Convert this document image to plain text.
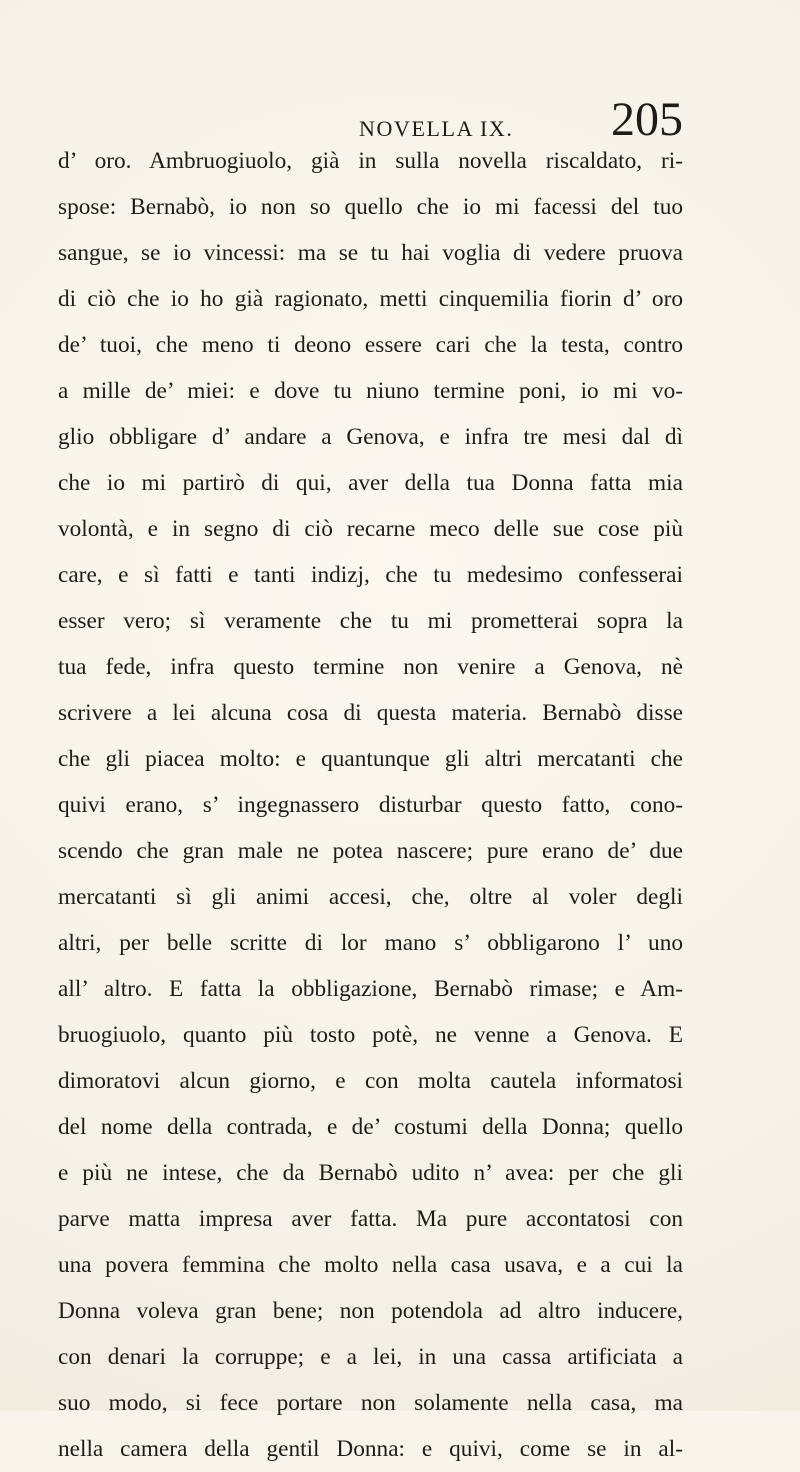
NOVELLA IX. 205
d’ oro. Ambruogiuolo, già in sulla novella riscaldato, ri-
spose: Bernabò, io non so quello che io mi facessi del tuo
sangue, se io vincessi: ma se tu hai voglia di vedere pruova
di ciò che io ho già ragionato, metti cinquemilia fiorin d’ oro
de’ tuoi, che meno ti deono essere cari che la testa, contro
a mille de’ miei: e dove tu niuno termine poni, io mi vo-
glio obbligare d’ andare a Genova, e infra tre mesi dal dì
che io mi partirò di qui, aver della tua Donna fatta mia
volontà, e in segno di ciò recarne meco delle sue cose più
care, e sì fatti e tanti indizj, che tu medesimo confesserai
esser vero; sì veramente che tu mi prometterai sopra la
tua fede, infra questo termine non venire a Genova, nè
scrivere a lei alcuna cosa di questa materia. Bernabò disse
che gli piacea molto: e quantunque gli altri mercatanti che
quivi erano, s’ ingegnassero disturbar questo fatto, cono-
scendo che gran male ne potea nascere; pure erano de’ due
mercatanti sì gli animi accesi, che, oltre al voler degli
altri, per belle scritte di lor mano s’ obbligarono l’ uno
all’ altro. E fatta la obbligazione, Bernabò rimase; e Am-
bruogiuolo, quanto più tosto potè, ne venne a Genova. E
dimoratovi alcun giorno, e con molta cautela informatosi
del nome della contrada, e de’ costumi della Donna; quello
e più ne intese, che da Bernabò udito n’ avea: per che gli
parve matta impresa aver fatta. Ma pure accontatosi con
una povera femmina che molto nella casa usava, e a cui la
Donna voleva gran bene; non potendola ad altro inducere,
con denari la corruppe; e a lei, in una cassa artificiata a
suo modo, si fece portare non solamente nella casa, ma
nella camera della gentil Donna: e quivi, come se in al-
